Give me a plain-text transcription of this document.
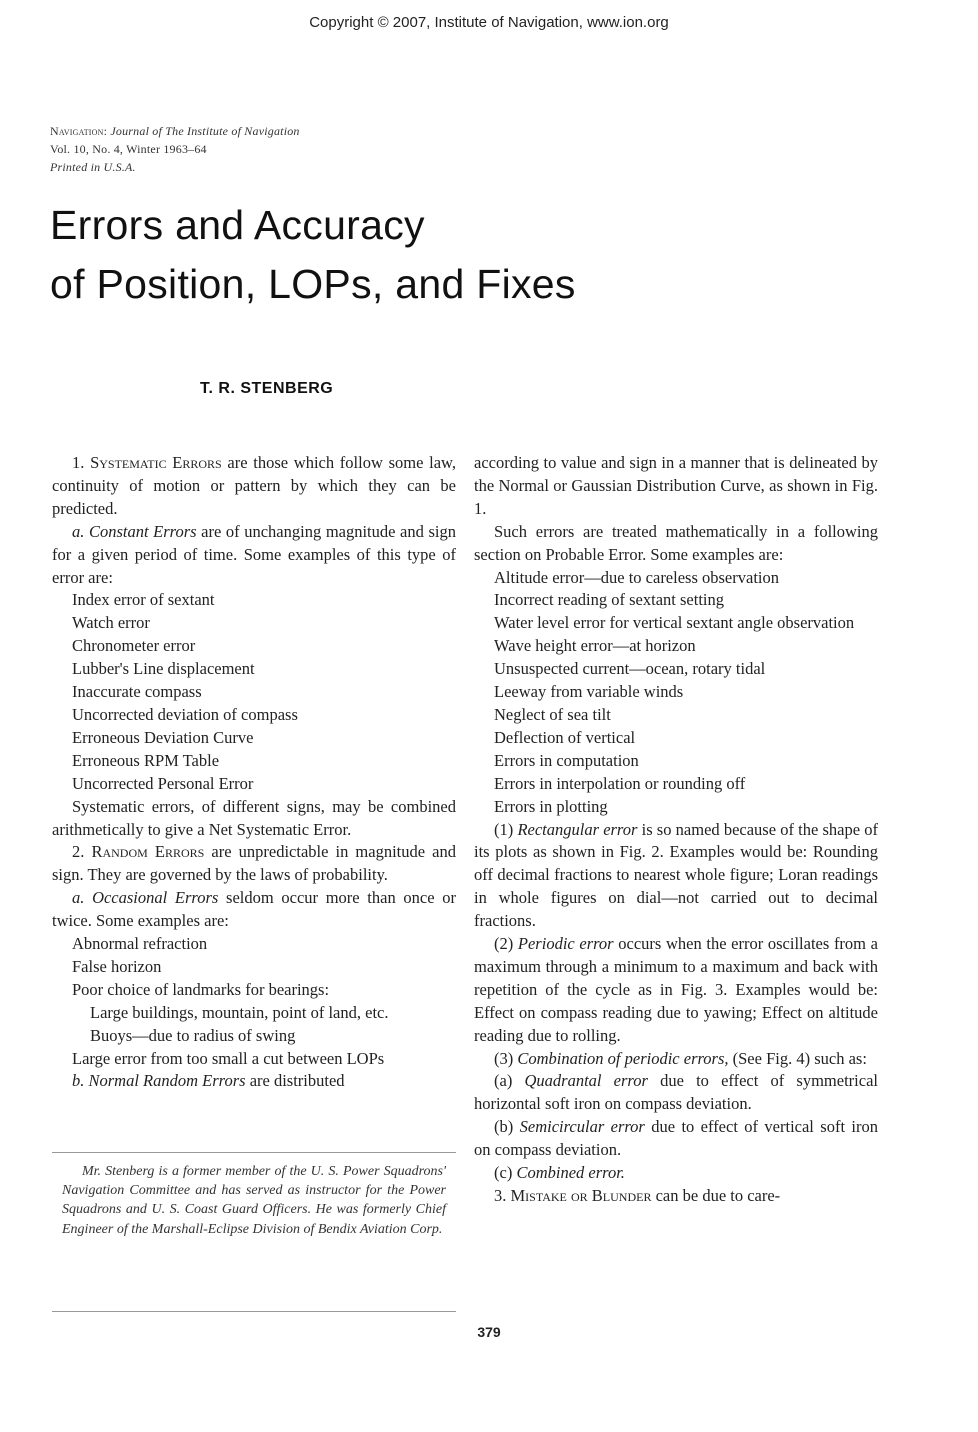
Copyright © 2007, Institute of Navigation, www.ion.org
Navigation: Journal of The Institute of Navigation
Vol. 10, No. 4, Winter 1963–64
Printed in U.S.A.
Errors and Accuracy
of Position, LOPs, and Fixes
T. R. STENBERG

1. Systematic Errors are those which follow some law, continuity of motion or pattern by which they can be predicted.

a. Constant Errors are of unchanging magnitude and sign for a given period of time. Some examples of this type of error are:

Index error of sextant

Watch error

Chronometer error

Lubber's Line displacement

Inaccurate compass

Uncorrected deviation of compass

Erroneous Deviation Curve

Erroneous RPM Table

Uncorrected Personal Error

Systematic errors, of different signs, may be combined arithmetically to give a Net Systematic Error.

2. Random Errors are unpredictable in magnitude and sign. They are governed by the laws of probability.

a. Occasional Errors seldom occur more than once or twice. Some examples are:

Abnormal refraction

False horizon

Poor choice of landmarks for bearings:

Large buildings, mountain, point of land, etc.

Buoys—due to radius of swing

Large error from too small a cut between LOPs

b. Normal Random Errors are distributed

Mr. Stenberg is a former member of the U. S. Power Squadrons' Navigation Committee and has served as instructor for the Power Squadrons and U. S. Coast Guard Officers. He was formerly Chief Engineer of the Marshall-Eclipse Division of Bendix Aviation Corp.

according to value and sign in a manner that is delineated by the Normal or Gaussian Distribution Curve, as shown in Fig. 1.

Such errors are treated mathematically in a following section on Probable Error. Some examples are:

Altitude error—due to careless observation

Incorrect reading of sextant setting

Water level error for vertical sextant angle observation

Wave height error—at horizon

Unsuspected current—ocean, rotary tidal

Leeway from variable winds

Neglect of sea tilt

Deflection of vertical

Errors in computation

Errors in interpolation or rounding off

Errors in plotting

(1) Rectangular error is so named because of the shape of its plots as shown in Fig. 2. Examples would be: Rounding off decimal fractions to nearest whole figure; Loran readings in whole figures on dial—not carried out to decimal fractions.

(2) Periodic error occurs when the error oscillates from a maximum through a minimum to a maximum and back with repetition of the cycle as in Fig. 3. Examples would be: Effect on compass reading due to yawing; Effect on altitude reading due to rolling.

(3) Combination of periodic errors, (See Fig. 4) such as:

(a) Quadrantal error due to effect of symmetrical horizontal soft iron on compass deviation.

(b) Semicircular error due to effect of vertical soft iron on compass deviation.

(c) Combined error.

3. Mistake or Blunder can be due to care-

379
